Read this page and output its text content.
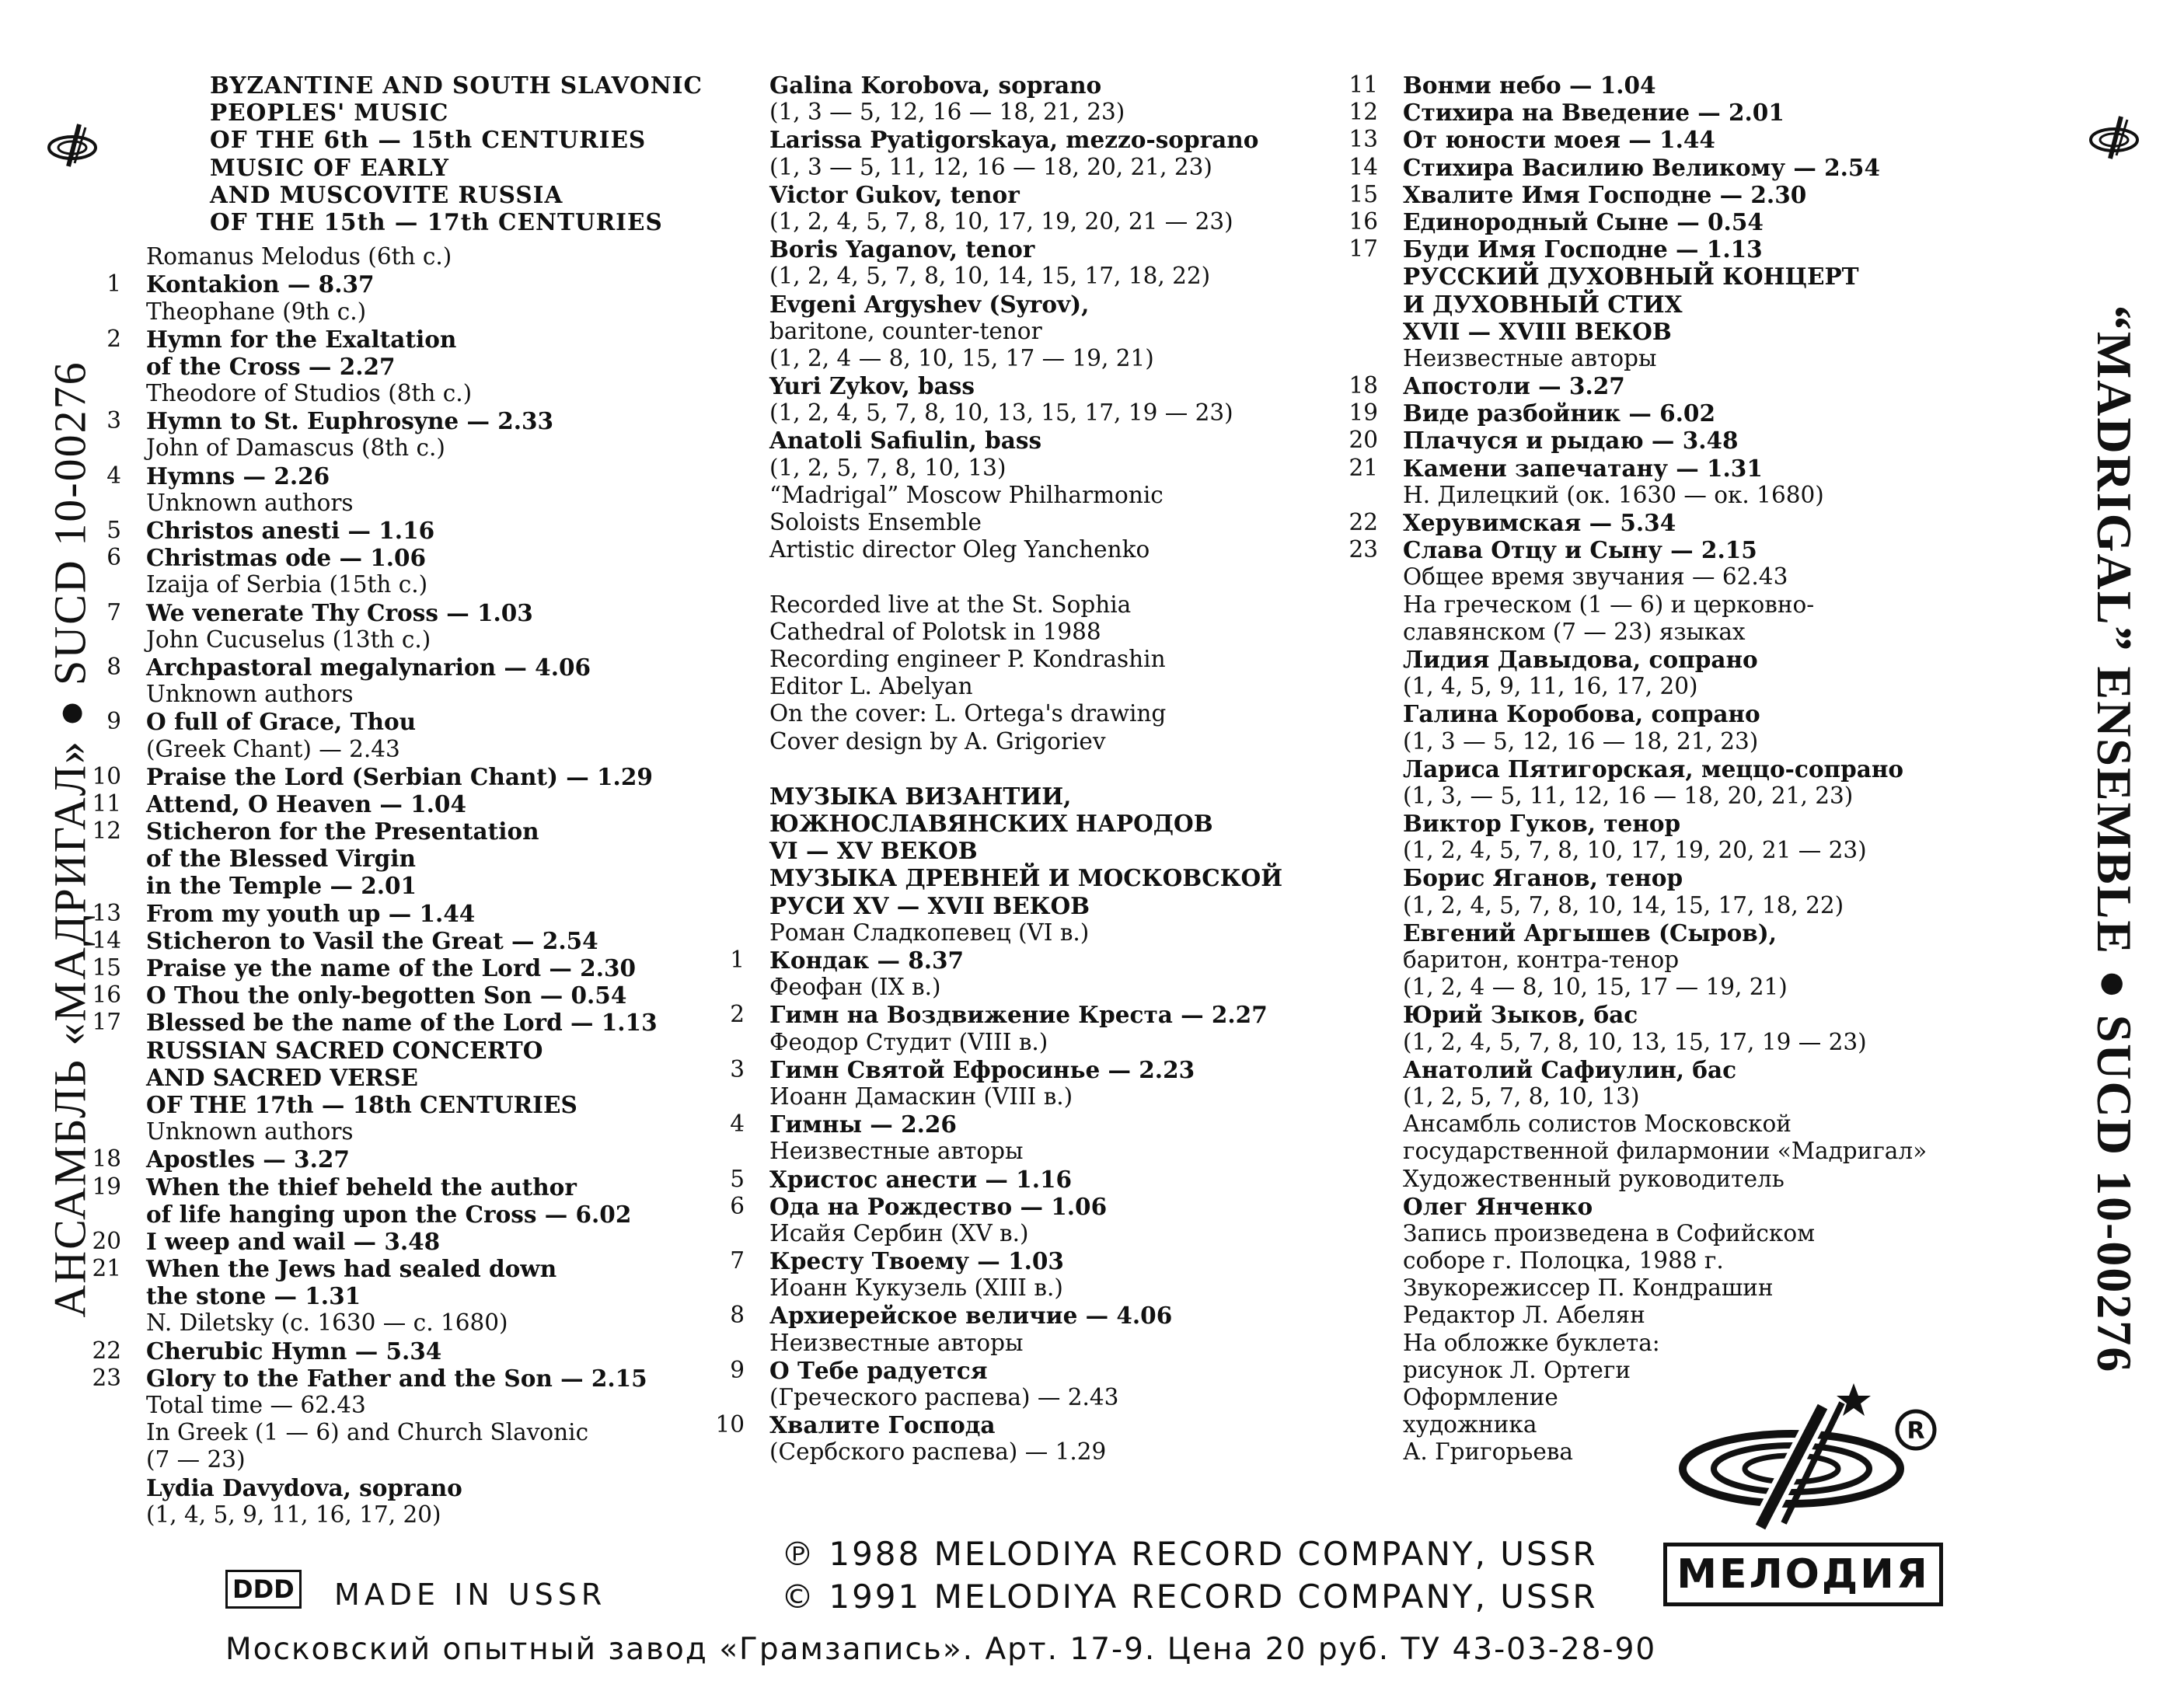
АНСАМБЛЬ «МАДРИГАЛ» ● SUCD 10-00276	“MADRIGAL” ENSEMBLE ● SUCD 10-00276
BYZANTINE AND SOUTH SLAVONIC
PEOPLES' MUSIC
OF THE 6th — 15th CENTURIES
MUSIC OF EARLY
AND MUSCOVITE RUSSIA
OF THE 15th — 17th CENTURIES
Romanus Melodus (6th c.)
1 Kontakion — 8.37
Theophane (9th c.)
2 Hymn for the Exaltation
of the Cross — 2.27
Theodore of Studios (8th c.)
3 Hymn to St. Euphrosyne — 2.33
John of Damascus (8th c.)
4 Hymns — 2.26
Unknown authors
5 Christos anesti — 1.16
6 Christmas ode — 1.06
Izaija of Serbia (15th c.)
7 We venerate Thy Cross — 1.03
John Cucuselus (13th c.)
8 Archpastoral megalynarion — 4.06
Unknown authors
9 O full of Grace, Thou
(Greek Chant) — 2.43
10 Praise the Lord (Serbian Chant) — 1.29
11 Attend, O Heaven — 1.04
12 Sticheron for the Presentation
of the Blessed Virgin
in the Temple — 2.01
13 From my youth up — 1.44
14 Sticheron to Vasil the Great — 2.54
15 Praise ye the name of the Lord — 2.30
16 O Thou the only-begotten Son — 0.54
17 Blessed be the name of the Lord — 1.13
RUSSIAN SACRED CONCERTO
AND SACRED VERSE
OF THE 17th — 18th CENTURIES
Unknown authors
18 Apostles — 3.27
19 When the thief beheld the author
of life hanging upon the Cross — 6.02
20 I weep and wail — 3.48
21 When the Jews had sealed down
the stone — 1.31
N. Diletsky (c. 1630 — c. 1680)
22 Cherubic Hymn — 5.34
23 Glory to the Father and the Son — 2.15
Total time — 62.43
In Greek (1 — 6) and Church Slavonic
(7 — 23)
Lydia Davydova, soprano
(1, 4, 5, 9, 11, 16, 17, 20)
Galina Korobova, soprano
(1, 3 — 5, 12, 16 — 18, 21, 23)
Larissa Pyatigorskaya, mezzo-soprano
(1, 3 — 5, 11, 12, 16 — 18, 20, 21, 23)
Victor Gukov, tenor
(1, 2, 4, 5, 7, 8, 10, 17, 19, 20, 21 — 23)
Boris Yaganov, tenor
(1, 2, 4, 5, 7, 8, 10, 14, 15, 17, 18, 22)
Evgeni Argyshev (Syrov),
baritone, counter-tenor
(1, 2, 4 — 8, 10, 15, 17 — 19, 21)
Yuri Zykov, bass
(1, 2, 4, 5, 7, 8, 10, 13, 15, 17, 19 — 23)
Anatoli Safiulin, bass
(1, 2, 5, 7, 8, 10, 13)
“Madrigal” Moscow Philharmonic
Soloists Ensemble
Artistic director Oleg Yanchenko
Recorded live at the St. Sophia
Cathedral of Polotsk in 1988
Recording engineer P. Kondrashin
Editor L. Abelyan
On the cover: L. Ortega's drawing
Cover design by A. Grigoriev
МУЗЫКА ВИЗАНТИИ,
ЮЖНОСЛАВЯНСКИХ НАРОДОВ
VI — XV ВЕКОВ
МУЗЫКА ДРЕВНЕЙ И МОСКОВСКОЙ
РУСИ XV — XVII ВЕКОВ
Роман Сладкопевец (VI в.)
1 Кондак — 8.37
Феофан (IX в.)
2 Гимн на Воздвижение Креста — 2.27
Феодор Студит (VIII в.)
3 Гимн Святой Ефросинье — 2.23
Иоанн Дамаскин (VIII в.)
4 Гимны — 2.26
Неизвестные авторы
5 Христос анести — 1.16
6 Ода на Рождество — 1.06
Исайя Сербин (XV в.)
7 Кресту Твоему — 1.03
Иоанн Кукузель (XIII в.)
8 Архиерейское величие — 4.06
Неизвестные авторы
9 О Тебе радуется
(Греческого распева) — 2.43
10 Хвалите Господа
(Сербского распева) — 1.29
11 Вонми небо — 1.04
12 Стихира на Введение — 2.01
13 От юности моея — 1.44
14 Стихира Василию Великому — 2.54
15 Хвалите Имя Господне — 2.30
16 Единородный Сыне — 0.54
17 Буди Имя Господне — 1.13
РУССКИЙ ДУХОВНЫЙ КОНЦЕРТ
И ДУХОВНЫЙ СТИХ
XVII — XVIII ВЕКОВ
Неизвестные авторы
18 Апостоли — 3.27
19 Виде разбойник — 6.02
20 Плачуся и рыдаю — 3.48
21 Камени запечатану — 1.31
Н. Дилецкий (ок. 1630 — ок. 1680)
22 Херувимская — 5.34
23 Слава Отцу и Сыну — 2.15
Общее время звучания — 62.43
На греческом (1 — 6) и церковно-
славянском (7 — 23) языках
Лидия Давыдова, сопрано
(1, 4, 5, 9, 11, 16, 17, 20)
Галина Коробова, сопрано
(1, 3 — 5, 12, 16 — 18, 21, 23)
Лариса Пятигорская, меццо-сопрано
(1, 3, — 5, 11, 12, 16 — 18, 20, 21, 23)
Виктор Гуков, тенор
(1, 2, 4, 5, 7, 8, 10, 17, 19, 20, 21 — 23)
Борис Яганов, тенор
(1, 2, 4, 5, 7, 8, 10, 14, 15, 17, 18, 22)
Евгений Аргышев (Сыров),
баритон, контра-тенор
(1, 2, 4 — 8, 10, 15, 17 — 19, 21)
Юрий Зыков, бас
(1, 2, 4, 5, 7, 8, 10, 13, 15, 17, 19 — 23)
Анатолий Сафиулин, бас
(1, 2, 5, 7, 8, 10, 13)
Ансамбль солистов Московской
государственной филармонии «Мадригал»
Художественный руководитель
Олег Янченко
Запись произведена в Софийском
соборе г. Полоцка, 1988 г.
Звукорежиссер П. Кондрашин
Редактор Л. Абелян
На обложке буклета:
рисунок Л. Ортеги
Оформление
художника
А. Григорьева
R
МЕЛОДИЯ
DDD MADE IN USSR
℗ 1988 MELODIYA RECORD COMPANY, USSR
© 1991 MELODIYA RECORD COMPANY, USSR
Московский опытный завод «Грамзапись». Арт. 17-9. Цена 20 руб. ТУ 43-03-28-90
